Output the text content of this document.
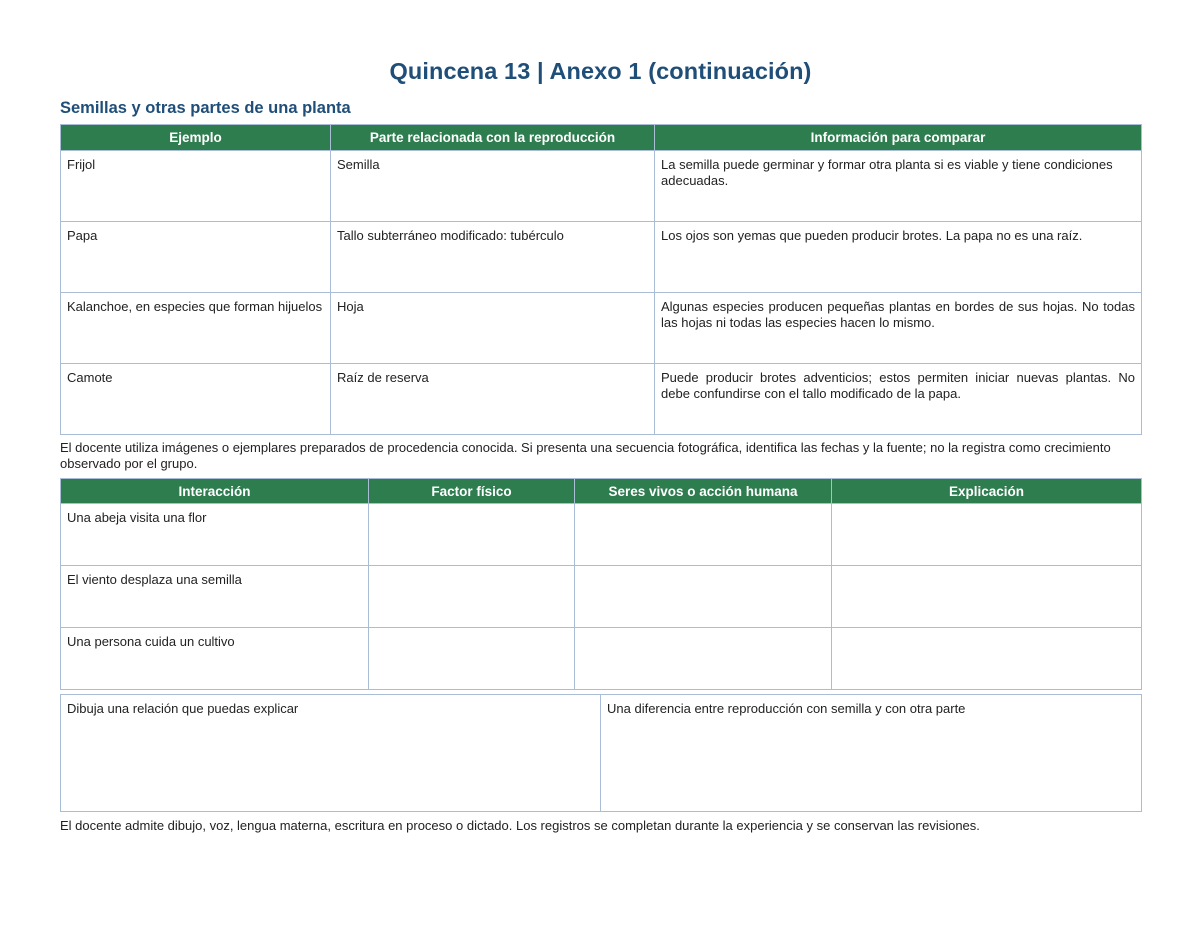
Quincena 13 | Anexo 1 (continuación)
Semillas y otras partes de una planta
Ejemplo	Parte relacionada con la reproducción	Información para comparar
Frijol	Semilla	La semilla puede germinar y formar otra planta si es viable y tiene condiciones adecuadas.
Papa	Tallo subterráneo modificado: tubérculo	Los ojos son yemas que pueden producir brotes. La papa no es una raíz.
Kalanchoe, en especies que forman hijuelos	Hoja	Algunas especies producen pequeñas plantas en bordes de sus hojas. No todas las hojas ni todas las especies hacen lo mismo.
Camote	Raíz de reserva	Puede producir brotes adventicios; estos permiten iniciar nuevas plantas. No debe confundirse con el tallo modificado de la papa.
El docente utiliza imágenes o ejemplares preparados de procedencia conocida. Si presenta una secuencia fotográfica, identifica las fechas y la fuente; no la registra como crecimiento observado por el grupo.
Interacción	Factor físico	Seres vivos o acción humana	Explicación
Una abeja visita una flor			
El viento desplaza una semilla			
Una persona cuida un cultivo			
Dibuja una relación que puedas explicar	Una diferencia entre reproducción con semilla y con otra parte
El docente admite dibujo, voz, lengua materna, escritura en proceso o dictado. Los registros se completan durante la experiencia y se conservan las revisiones.
